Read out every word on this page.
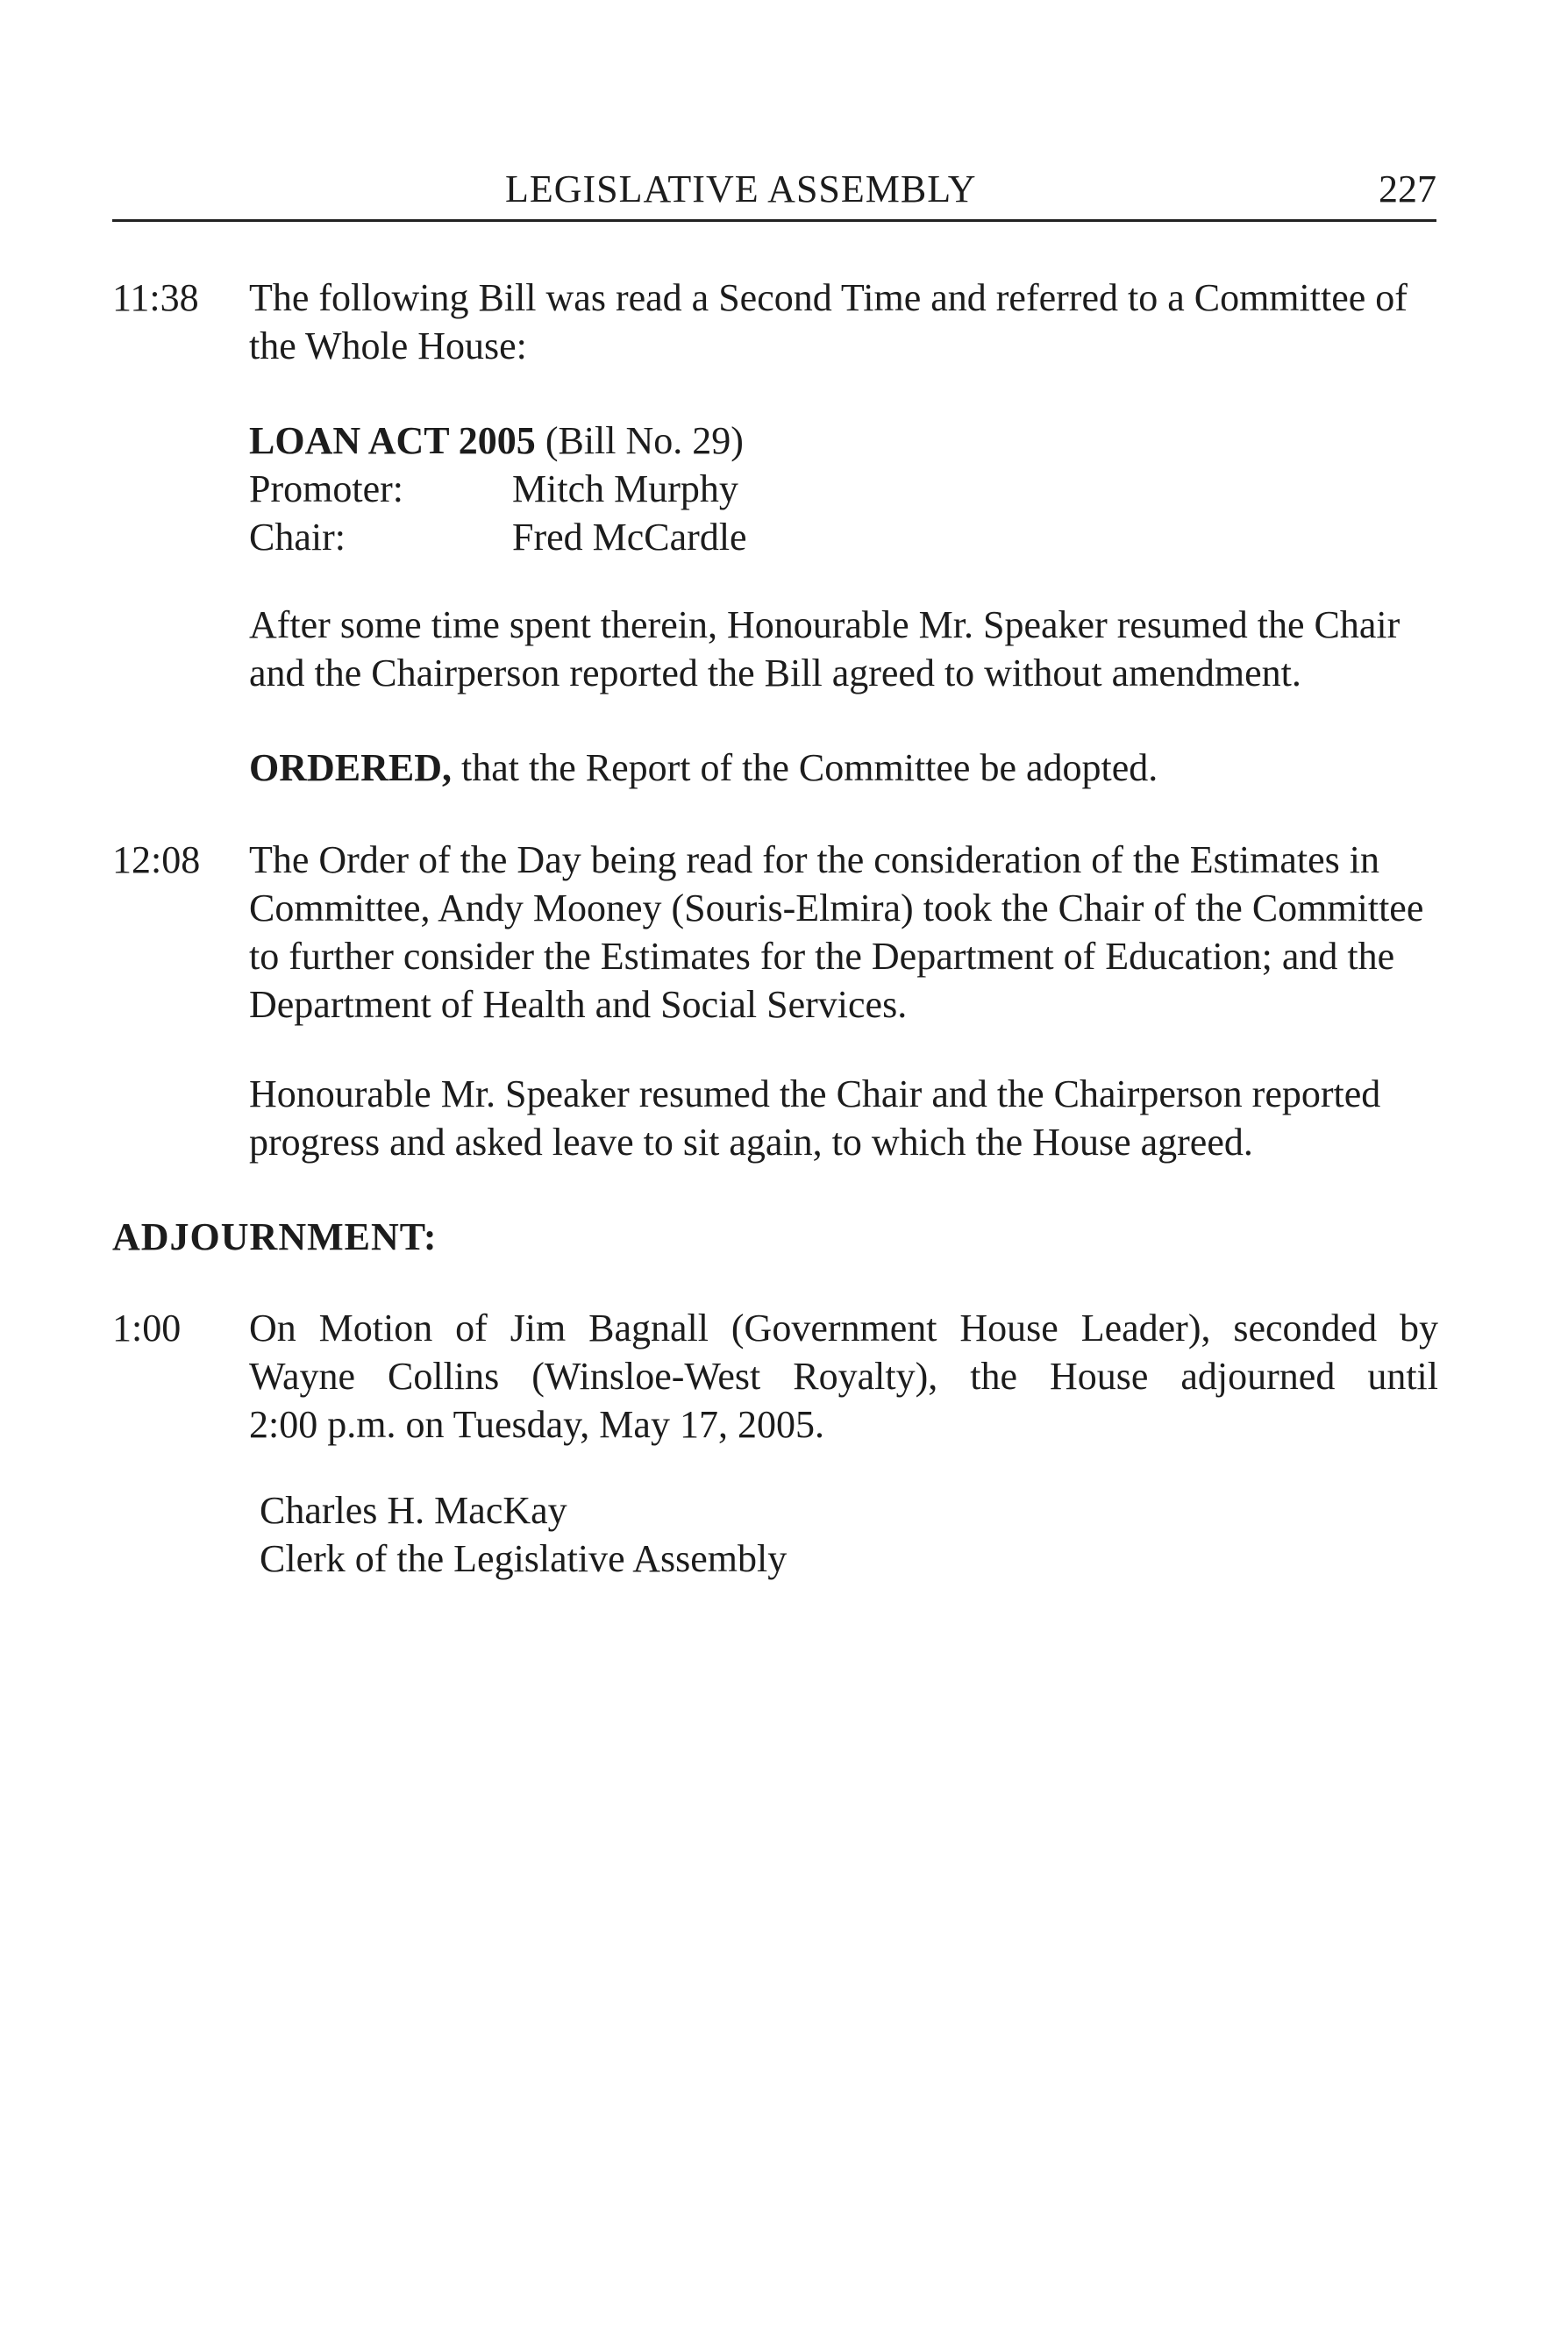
LEGISLATIVE ASSEMBLY	227
11:38 The following Bill was read a Second Time and referred to a Committee of
the Whole House:
LOAN ACT 2005 (Bill No. 29)
Promoter:	Mitch Murphy
Chair:	Fred McCardle
After some time spent therein, Honourable Mr. Speaker resumed the Chair
and the Chairperson reported the Bill agreed to without amendment.
ORDERED, that the Report of the Committee be adopted.
12:08 The Order of the Day being read for the consideration of the Estimates in
Committee, Andy Mooney (Souris-Elmira) took the Chair of the Committee
to further consider the Estimates for the Department of Education; and the
Department of Health and Social Services.
Honourable Mr. Speaker resumed the Chair and the Chairperson reported
progress and asked leave to sit again, to which the House agreed.
ADJOURNMENT:
1:00 On Motion of Jim Bagnall (Government House Leader), seconded by
Wayne Collins (Winsloe-West Royalty), the House adjourned until
2:00 p.m. on Tuesday, May 17, 2005.
Charles H. MacKay
Clerk of the Legislative Assembly
